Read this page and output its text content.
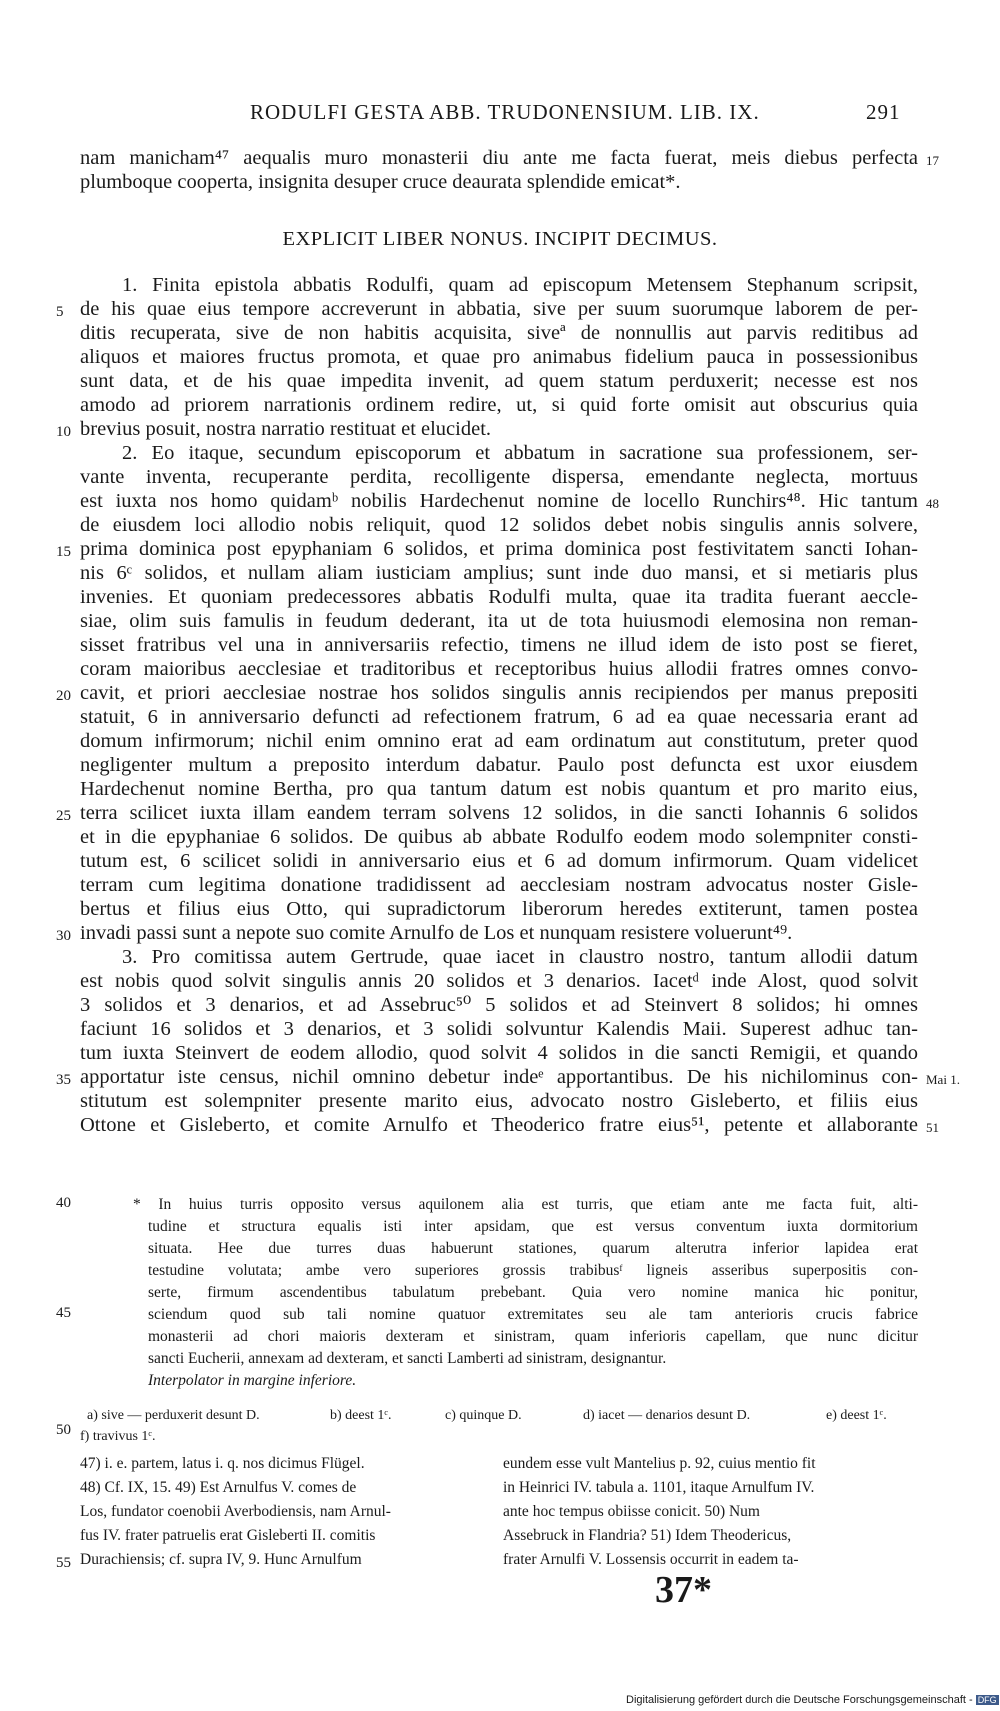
RODULFI GESTA ABB. TRUDONENSIUM. LIB. IX.	291
nam manicham⁴⁷ aequalis muro monasterii diu ante me facta fuerat, meis diebus perfecta
plumboque cooperta, insignita desuper cruce deaurata splendide emicat*.
EXPLICIT LIBER NONUS. INCIPIT DECIMUS.
1. Finita epistola abbatis Rodulfi, quam ad episcopum Metensem Stephanum scripsit,
de his quae eius tempore accreverunt in abbatia, sive per suum suorumque laborem de per-
ditis recuperata, sive de non habitis acquisita, siveª de nonnullis aut parvis reditibus ad
aliquos et maiores fructus promota, et quae pro animabus fidelium pauca in possessionibus
sunt data, et de his quae impedita invenit, ad quem statum perduxerit; necesse est nos
amodo ad priorem narrationis ordinem redire, ut, si quid forte omisit aut obscurius quia
brevius posuit, nostra narratio restituat et elucidet.
2. Eo itaque, secundum episcoporum et abbatum in sacratione sua professionem, ser-
vante inventa, recuperante perdita, recolligente dispersa, emendante neglecta, mortuus
est iuxta nos homo quidamᵇ nobilis Hardechenut nomine de locello Runchirs⁴⁸. Hic tantum
de eiusdem loci allodio nobis reliquit, quod 12 solidos debet nobis singulis annis solvere,
prima dominica post epyphaniam 6 solidos, et prima dominica post festivitatem sancti Iohan-
nis 6ᶜ solidos, et nullam aliam iusticiam amplius; sunt inde duo mansi, et si metiaris plus
invenies. Et quoniam predecessores abbatis Rodulfi multa, quae ita tradita fuerant aeccle-
siae, olim suis famulis in feudum dederant, ita ut de tota huiusmodi elemosina non reman-
sisset fratribus vel una in anniversariis refectio, timens ne illud idem de isto post se fieret,
coram maioribus aecclesiae et traditoribus et receptoribus huius allodii fratres omnes convo-
cavit, et priori aecclesiae nostrae hos solidos singulis annis recipiendos per manus prepositi
statuit, 6 in anniversario defuncti ad refectionem fratrum, 6 ad ea quae necessaria erant ad
domum infirmorum; nichil enim omnino erat ad eam ordinatum aut constitutum, preter quod
negligenter multum a preposito interdum dabatur. Paulo post defuncta est uxor eiusdem
Hardechenut nomine Bertha, pro qua tantum datum est nobis quantum et pro marito eius,
terra scilicet iuxta illam eandem terram solvens 12 solidos, in die sancti Iohannis 6 solidos
et in die epyphaniae 6 solidos. De quibus ab abbate Rodulfo eodem modo solempniter consti-
tutum est, 6 scilicet solidi in anniversario eius et 6 ad domum infirmorum. Quam videlicet
terram cum legitima donatione tradidissent ad aecclesiam nostram advocatus noster Gisle-
bertus et filius eius Otto, qui supradictorum liberorum heredes extiterunt, tamen postea
invadi passi sunt a nepote suo comite Arnulfo de Los et nunquam resistere voluerunt⁴⁹.
3. Pro comitissa autem Gertrude, quae iacet in claustro nostro, tantum allodii datum
est nobis quod solvit singulis annis 20 solidos et 3 denarios. Iacetᵈ inde Alost, quod solvit
3 solidos et 3 denarios, et ad Assebruc⁵⁰ 5 solidos et ad Steinvert 8 solidos; hi omnes
faciunt 16 solidos et 3 denarios, et 3 solidi solvuntur Kalendis Maii. Superest adhuc tan-
tum iuxta Steinvert de eodem allodio, quod solvit 4 solidos in die sancti Remigii, et quando
apportatur iste census, nichil omnino debetur indeᵉ apportantibus. De his nichilominus con-
stitutum est solempniter presente marito eius, advocato nostro Gisleberto, et filiis eius
Ottone et Gisleberto, et comite Arnulfo et Theoderico fratre eius⁵¹, petente et allaborante
5
10
15
20
25
30
35
40
45
50
55
17
48
Mai 1.
51
* In huius turris opposito versus aquilonem alia est turris, que etiam ante me facta fuit, alti-
tudine et structura equalis isti inter apsidam, que est versus conventum iuxta dormitorium
situata. Hee due turres duas habuerunt stationes, quarum alterutra inferior lapidea erat
testudine volutata; ambe vero superiores grossis trabibusᶠ ligneis asseribus superpositis con-
serte, firmum ascendentibus tabulatum prebebant. Quia vero nomine manica hic ponitur,
sciendum quod sub tali nomine quatuor extremitates seu ale tam anterioris crucis fabrice
monasterii ad chori maioris dexteram et sinistram, quam inferioris capellam, que nunc dicitur
sancti Eucherii, annexam ad dexteram, et sancti Lamberti ad sinistram, designantur.
Interpolator in margine inferiore.
a) sive — perduxerit desunt D.	b) deest 1ᶜ.	c) quinque D.	d) iacet — denarios desunt D.	e) deest 1ᶜ.
f) travivus 1ᶜ.
47) i. e. partem, latus i. q. nos dicimus Flügel.
48) Cf. IX, 15. 49) Est Arnulfus V. comes de
Los, fundator coenobii Averbodiensis, nam Arnul-
fus IV. frater patruelis erat Gisleberti II. comitis
Durachiensis; cf. supra IV, 9. Hunc Arnulfum
eundem esse vult Mantelius p. 92, cuius mentio fit
in Heinrici IV. tabula a. 1101, itaque Arnulfum IV.
ante hoc tempus obiisse conicit. 50) Num
Assebruck in Flandria? 51) Idem Theodericus,
frater Arnulfi V. Lossensis occurrit in eadem ta-
37*
Digitalisierung gefördert durch die Deutsche Forschungsgemeinschaft - DFG
